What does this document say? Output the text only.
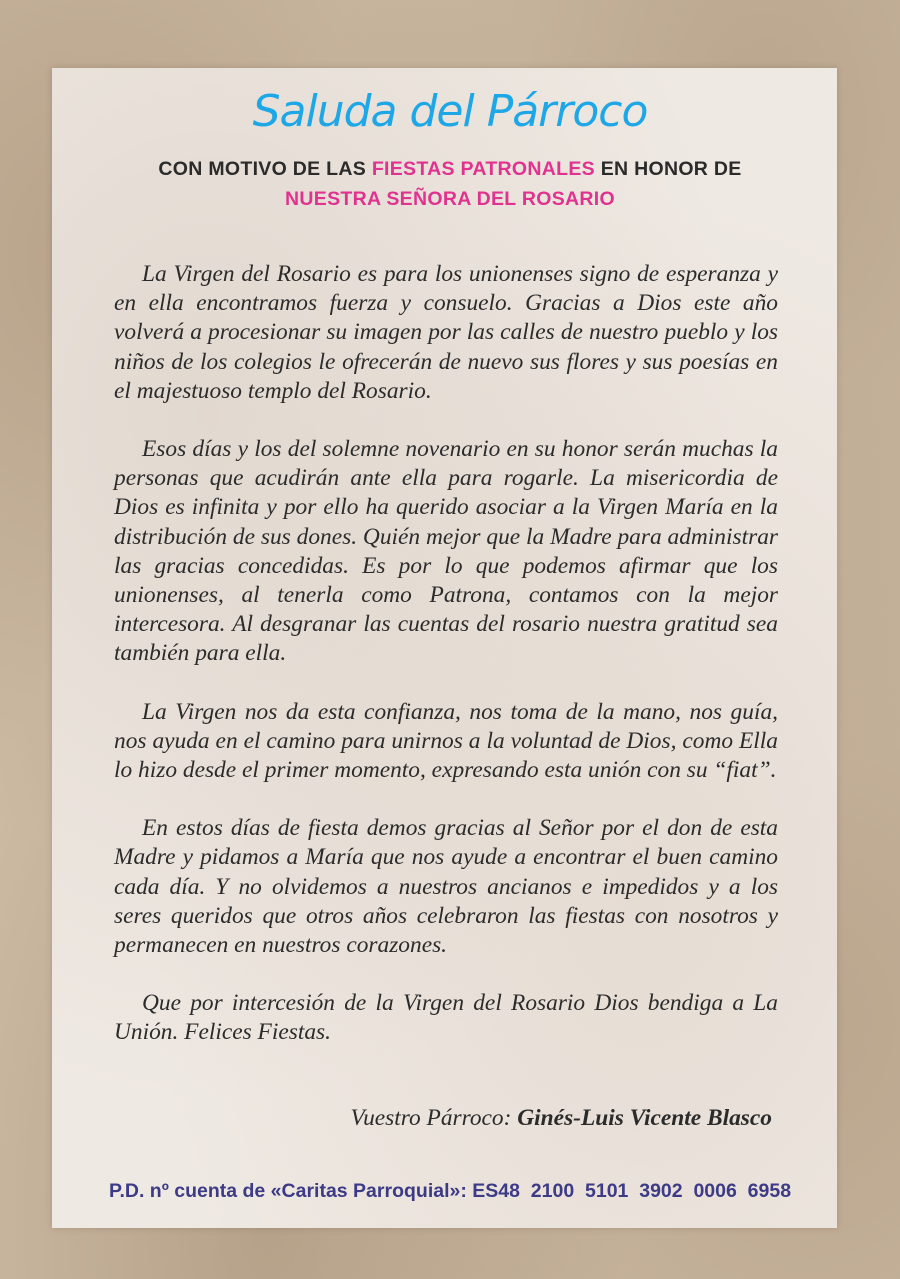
Saluda del Párroco
CON MOTIVO DE LAS FIESTAS PATRONALES EN HONOR DE
NUESTRA SEÑORA DEL ROSARIO

La Virgen del Rosario es para los unionenses signo de esperanza y en ella encontramos fuerza y consuelo. Gracias a Dios este año volverá a procesionar su imagen por las calles de nuestro pueblo y los niños de los colegios le ofrecerán de nuevo sus flores y sus poesías en el majestuoso templo del Rosario.

Esos días y los del solemne novenario en su honor serán muchas la personas que acudirán ante ella para rogarle. La misericordia de Dios es infinita y por ello ha querido asociar a la Virgen María en la distribución de sus dones. Quién mejor que la Madre para administrar las gracias concedidas. Es por lo que podemos afirmar que los unionenses, al tenerla como Patrona, contamos con la mejor intercesora. Al desgranar las cuentas del rosario nuestra gratitud sea también para ella.

La Virgen nos da esta confianza, nos toma de la mano, nos guía, nos ayuda en el camino para unirnos a la voluntad de Dios, como Ella lo hizo desde el primer momento, expresando esta unión con su “fiat”.

En estos días de fiesta demos gracias al Señor por el don de esta Madre y pidamos a María que nos ayude a encontrar el buen camino cada día. Y no olvidemos a nuestros ancianos e impedidos y a los seres queridos que otros años celebraron las fiestas con nosotros y permanecen en nuestros corazones.

Que por intercesión de la Virgen del Rosario Dios bendiga a La Unión. Felices Fiestas.

Vuestro Párroco: Ginés-Luis Vicente Blasco
P.D. nº cuenta de «Caritas Parroquial»: ES48  2100  5101  3902  0006  6958
